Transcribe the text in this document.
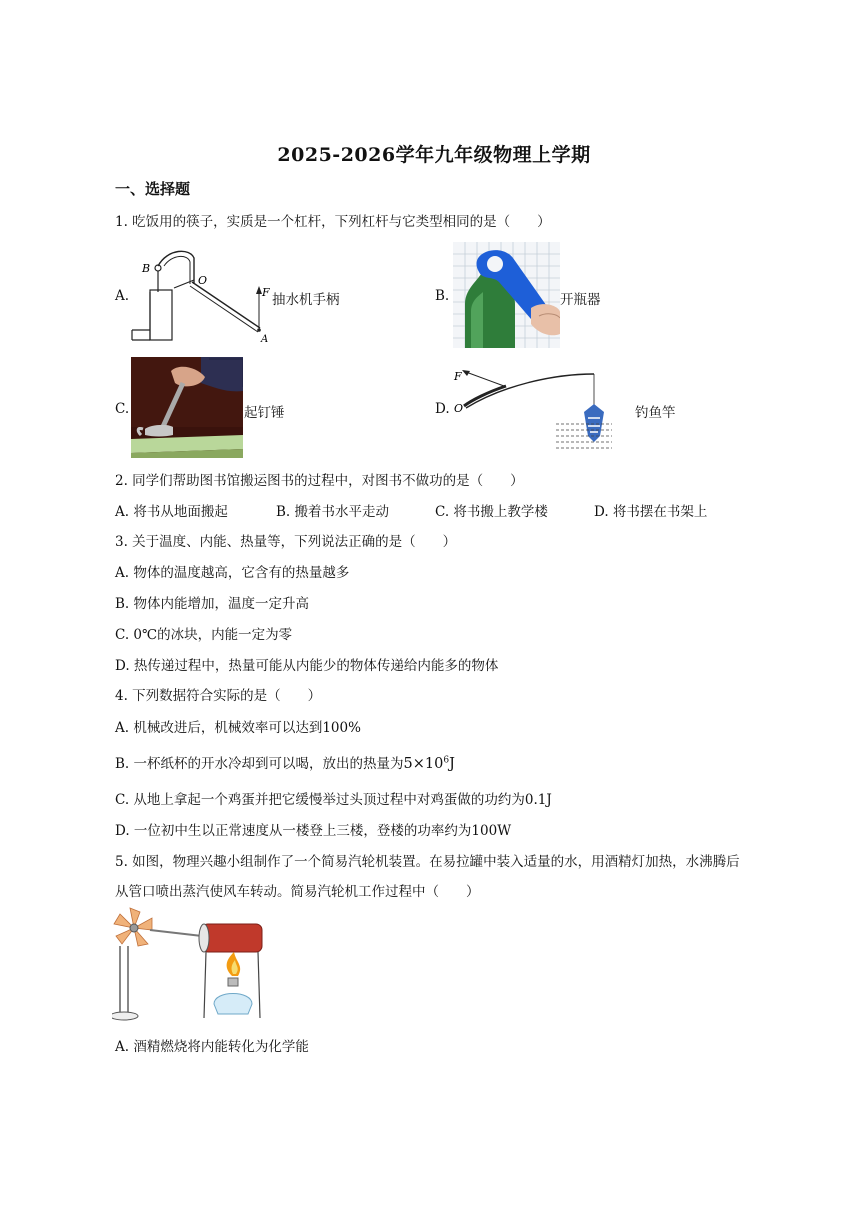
2025-2026学年九年级物理上学期
一、选择题
1. 吃饭用的筷子，实质是一个杠杆，下列杠杆与它类型相同的是（　　）
A.
B
O
F
A
抽水机手柄	B.	开瓶器
C.	起钉锤	D.
F
O	钓鱼竿
2. 同学们帮助图书馆搬运图书的过程中，对图书不做功的是（　　）
A. 将书从地面搬起	B. 搬着书水平走动	C. 将书搬上教学楼	D. 将书摆在书架上
3. 关于温度、内能、热量等，下列说法正确的是（　　）
A. 物体的温度越高，它含有的热量越多
B. 物体内能增加，温度一定升高
C. 0℃的冰块，内能一定为零
D. 热传递过程中，热量可能从内能少的物体传递给内能多的物体
4. 下列数据符合实际的是（　　）
A. 机械改进后，机械效率可以达到100%
B. 一杯纸杯的开水冷却到可以喝，放出的热量为$5\times 10^6J$
C. 从地上拿起一个鸡蛋并把它缓慢举过头顶过程中对鸡蛋做的功约为0.1J
D. 一位初中生以正常速度从一楼登上三楼，登楼的功率约为100W
5. 如图，物理兴趣小组制作了一个简易汽轮机装置。在易拉罐中装入适量的水，用酒精灯加热，水沸腾后
从管口喷出蒸汽使风车转动。简易汽轮机工作过程中（　　）
A. 酒精燃烧将内能转化为化学能
